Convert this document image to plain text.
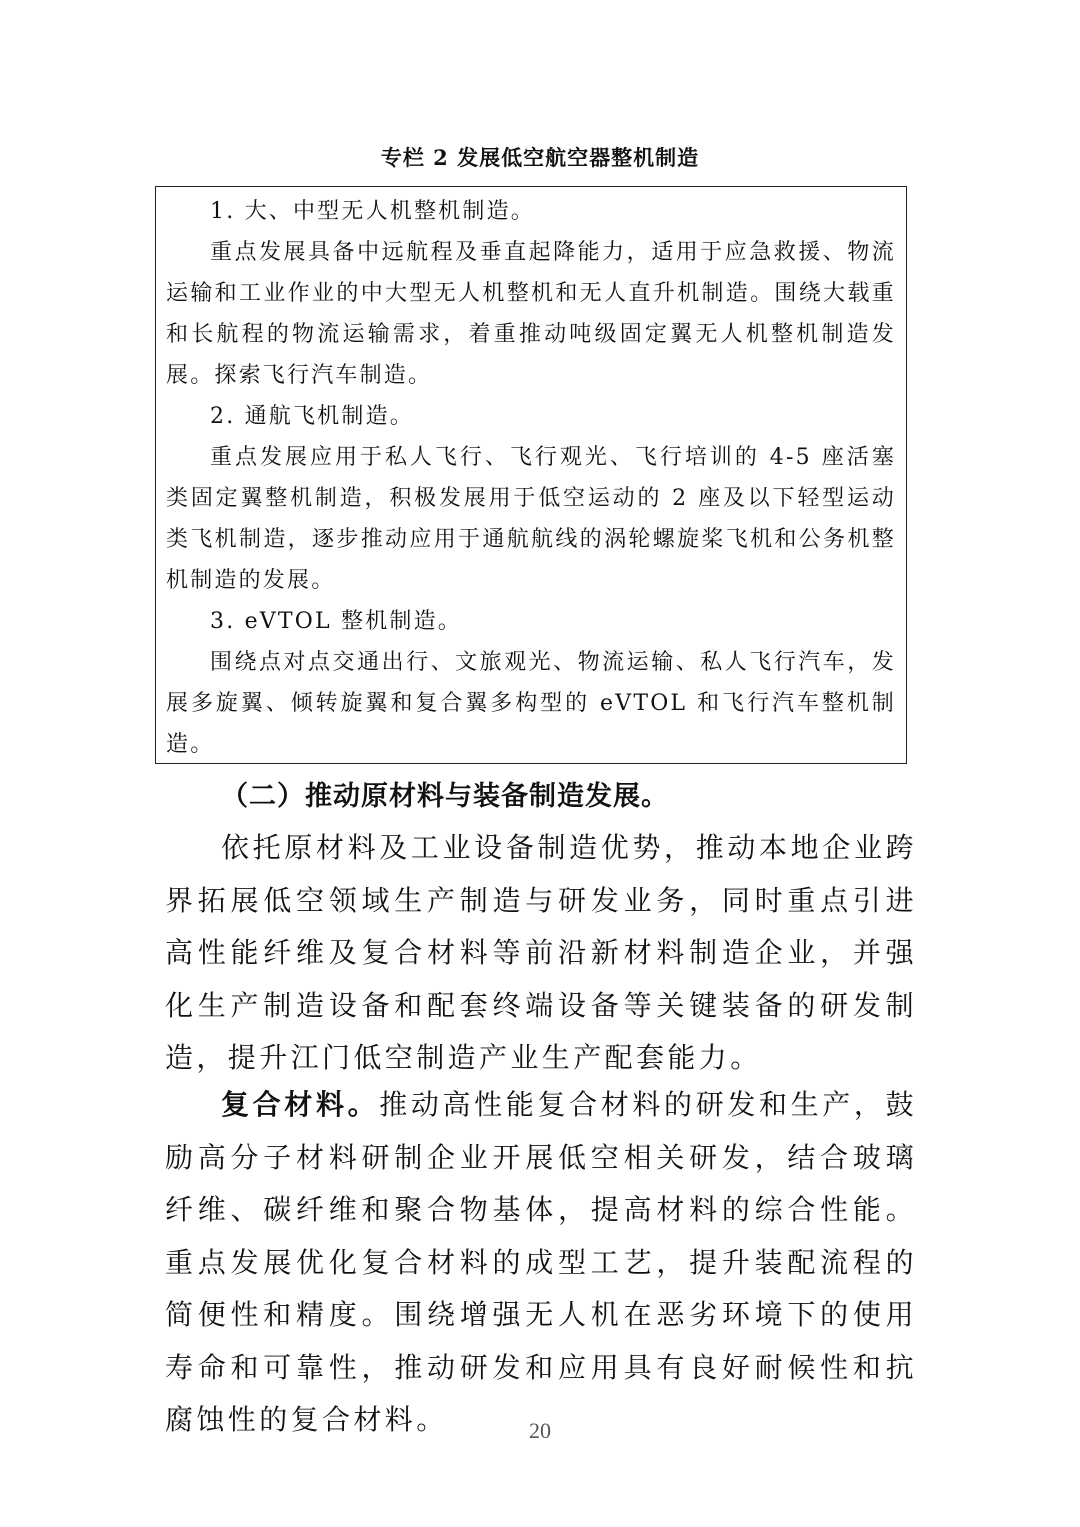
专栏 2 发展低空航空器整机制造

1. 大、中型无人机整机制造。

重点发展具备中远航程及垂直起降能力，适用于应急救援、物流运输和工业作业的中大型无人机整机和无人直升机制造。围绕大载重和长航程的物流运输需求，着重推动吨级固定翼无人机整机制造发展。探索飞行汽车制造。

2. 通航飞机制造。

重点发展应用于私人飞行、飞行观光、飞行培训的 4-5 座活塞类固定翼整机制造，积极发展用于低空运动的 2 座及以下轻型运动类飞机制造，逐步推动应用于通航航线的涡轮螺旋桨飞机和公务机整机制造的发展。

3. eVTOL 整机制造。

围绕点对点交通出行、文旅观光、物流运输、私人飞行汽车，发展多旋翼、倾转旋翼和复合翼多构型的 eVTOL 和飞行汽车整机制造。

（二）推动原材料与装备制造发展。

依托原材料及工业设备制造优势，推动本地企业跨界拓展低空领域生产制造与研发业务，同时重点引进高性能纤维及复合材料等前沿新材料制造企业，并强化生产制造设备和配套终端设备等关键装备的研发制造，提升江门低空制造产业生产配套能力。

复合材料。推动高性能复合材料的研发和生产，鼓励高分子材料研制企业开展低空相关研发，结合玻璃纤维、碳纤维和聚合物基体，提高材料的综合性能。重点发展优化复合材料的成型工艺，提升装配流程的简便性和精度。围绕增强无人机在恶劣环境下的使用寿命和可靠性，推动研发和应用具有良好耐候性和抗腐蚀性的复合材料。	20
